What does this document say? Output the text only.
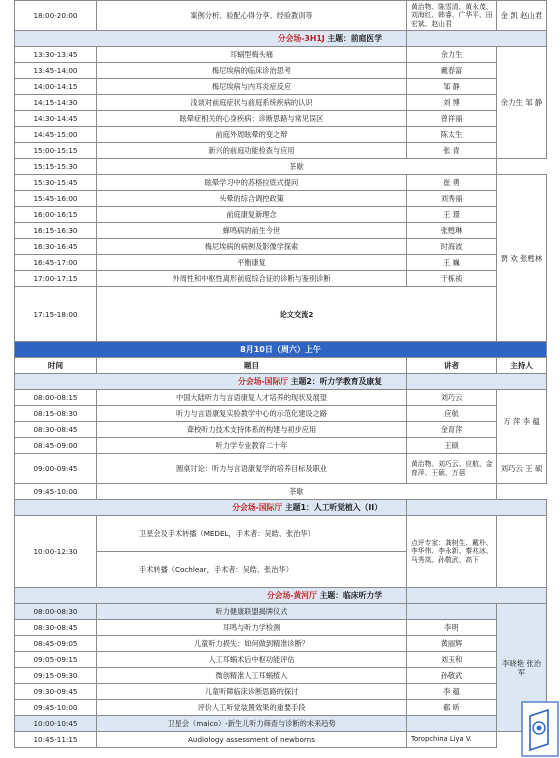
18:00-20:00	案例分析、验配心得分享、经验教训等	黄治物、陈雪清、黄永茂、刘海红、韩睿、广华平、田宏斌、赵山君	金 凯 赵山君	
分会场-3H1J 主题：前庭医学				
13:30-13:45	耳蜗型梅头痛	余力生	余力生 邹 静	
13:45-14:00	梅尼埃病的临床诊治思考	戴春富		
14:00-14:15	梅尼埃病与内耳炎症反应	邹 静		
14:15-14:30	浅谈对前庭症状与前庭系统疾病的认识	刘 博		
14:30-14:45	眩晕症相关的心身疾病：诊断思路与常见误区	曾祥丽		
14:45-15:00	前庭外周眩晕的变之辩	陈太生		
15:00-15:15	新兴的前庭功能检查与应用	张 青		
15:15-15:30	茶歇			
15:30-15:45	眩晕学习中的苏格拉底式提问	崔 勇	贾 欢 张甦林	
15:45-16:00	头晕的综合调控政策	刘秀丽		
16:00-16:15	前庭康复新理念	王 璟		
16:15-16:30	蜂鸣病的前生今世	张甦琳		
16:30-16:45	梅尼埃病的病例及影像学探索	时海波		
16:45-17:00	平衡康复	王 巍		
17:00-17:15	外周性和中枢性离形前庭综合征的诊断与鉴别诊断	于栋祯		
17:15-18:00	论文交流2	
8月10日（周六）上午				
时间	题目	讲者	主持人	
分会场-国际厅 主题2：听力学教育及康复				
08:00-08:15	中国大陆听力与言语康复人才培养的现状及展望	刘巧云	万 萍 李 蕴	
08:15-08:30	听力与言语康复实验教学中心的示范化建设之路	应航		
08:30-08:45	聋校听力技术支持体系的构建与初步应用	金育萍		
08:45-09:00	听力学专业教育二十年	王硕		
09:00-09:45	圆桌讨论：听力与言语康复学的培养目标及职业	黄治物、刘巧云、应航、金育萍、王硕、万蓓	刘巧云 王 硕	
09:45-10:00	茶歇			
分会场-国际厅 主题1：人工听觉植入（II）				
10:00-12:30	卫星会及手术转播（MEDEL，手术者：吴皓、张治华）
手术转播（Cochlear，手术者：吴皓、张治华）	点评专家：龚树生、戴朴、李华伟、李永新、秦兆冰、马秀岚、孙敬武、高下		
分会场-黄河厅 主题：临床听力学				
08:00-08:30	听力健康联盟揭牌仪式		李晓艳 张治军	
08:30-08:45	耳鸣与听力学检测	李明		
08:45-09:05	儿童听力损失：如何做到精准诊断？	黄丽辉		
09:05-09:15	人工耳蜗术后中枢功能评估	刘玉和		
09:15-09:30	微创精准人工耳蜗植入	孙敬武		
09:30-09:45	儿童听障临床诊断思路的探讨	李 蕴		
09:45-10:00	评价人工听觉装置效果的重要手段	郗 昕		
10:00-10:45	卫星会（maico）-新生儿听力筛查与诊断的未来趋势			
10:45-11:15	Audiology assessment of newborns	Toropchina Liya V.		
